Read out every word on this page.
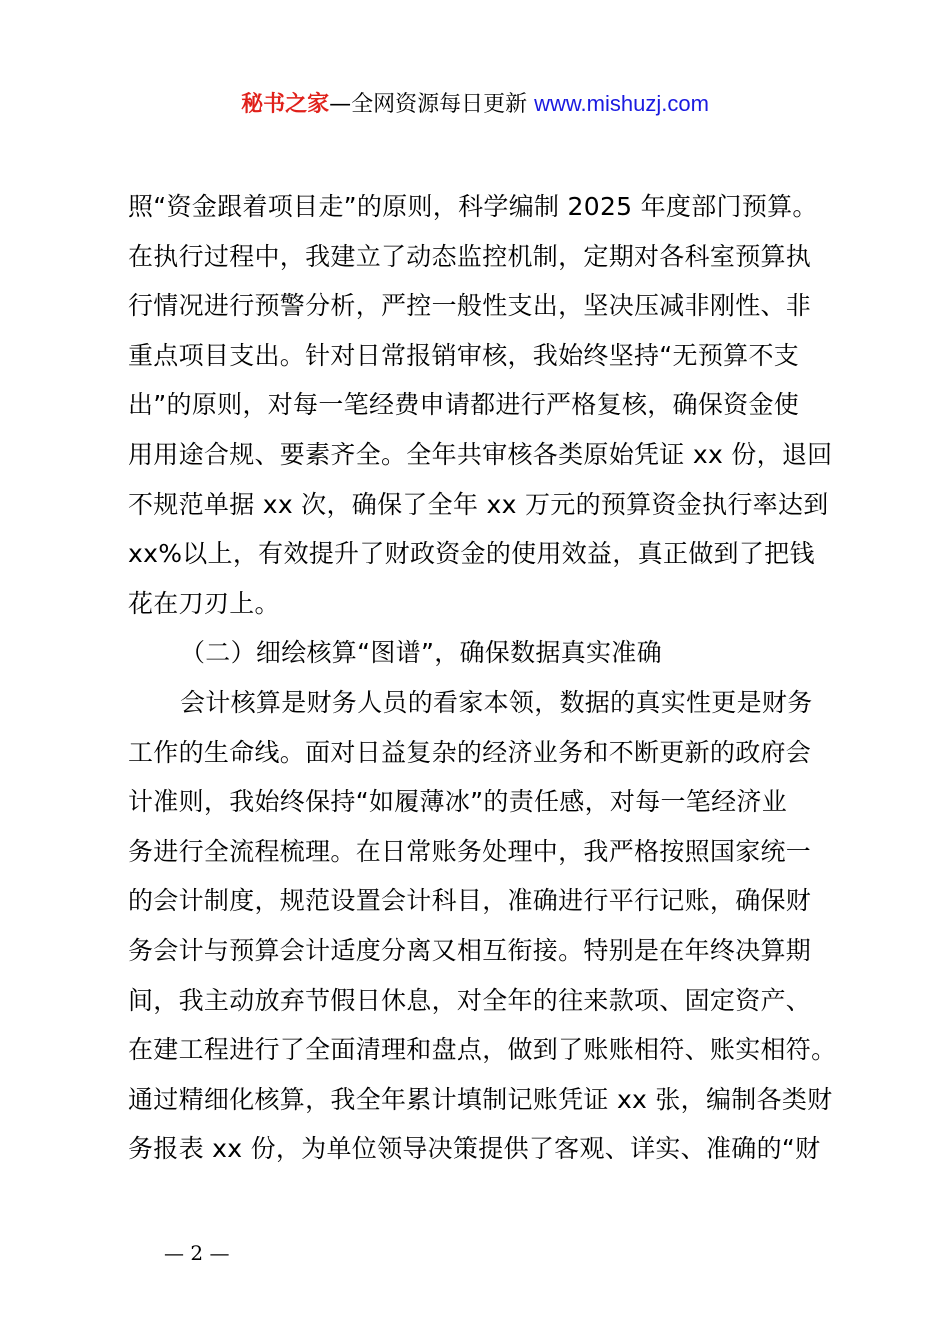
秘书之家—全网资源每日更新 www.mishuzj.com
照“资金跟着项目走”的原则，科学编制 2025 年度部门预算。
在执行过程中，我建立了动态监控机制，定期对各科室预算执
行情况进行预警分析，严控一般性支出，坚决压减非刚性、非
重点项目支出。针对日常报销审核，我始终坚持“无预算不支
出”的原则，对每一笔经费申请都进行严格复核，确保资金使
用用途合规、要素齐全。全年共审核各类原始凭证 xx 份，退回
不规范单据 xx 次，确保了全年 xx 万元的预算资金执行率达到
xx%以上，有效提升了财政资金的使用效益，真正做到了把钱
花在刀刃上。
（二）细绘核算“图谱”，确保数据真实准确
会计核算是财务人员的看家本领，数据的真实性更是财务
工作的生命线。面对日益复杂的经济业务和不断更新的政府会
计准则，我始终保持“如履薄冰”的责任感，对每一笔经济业
务进行全流程梳理。在日常账务处理中，我严格按照国家统一
的会计制度，规范设置会计科目，准确进行平行记账，确保财
务会计与预算会计适度分离又相互衔接。特别是在年终决算期
间，我主动放弃节假日休息，对全年的往来款项、固定资产、
在建工程进行了全面清理和盘点，做到了账账相符、账实相符。
通过精细化核算，我全年累计填制记账凭证 xx 张，编制各类财
务报表 xx 份，为单位领导决策提供了客观、详实、准确的“财
— 2 —
